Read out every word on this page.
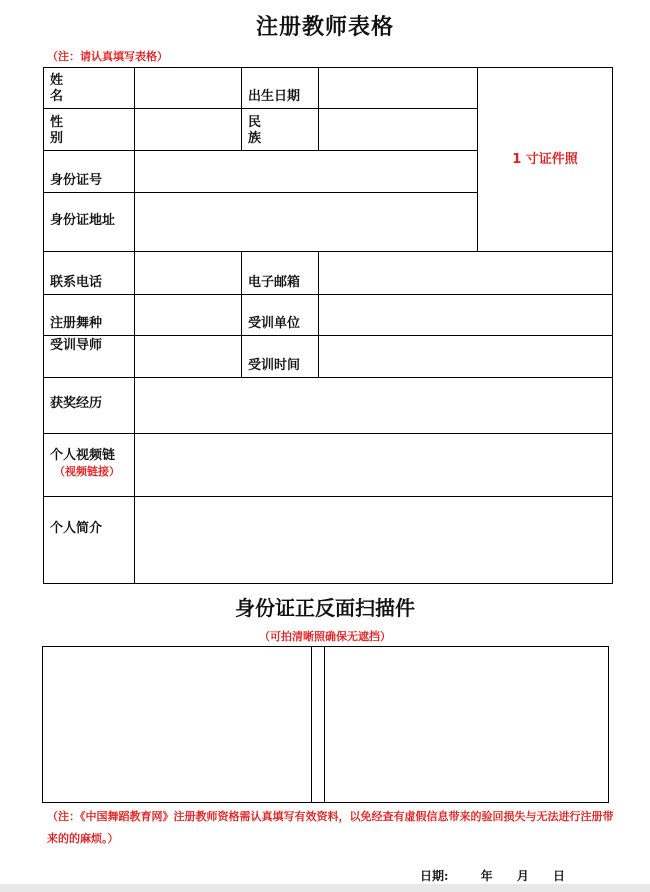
注册教师表格
（注：请认真填写表格）
姓 名		出生日期		1 寸证件照
性 别		民 族		
身份证号				
身份证地址				
联系电话		电子邮箱		
注册舞种		受训单位		
受训导师		受训时间		
获奖经历				
个人视频链
（视频链接）				

个人简介				
身份证正反面扫描件
（可拍清晰照确保无遮挡）
（注：《中国舞蹈教育网》注册教师资格需认真填写有效资料，以免经查有虚假信息带来的验回损失与无法进行注册带来的的麻烦。）
日期:	年 月 日
